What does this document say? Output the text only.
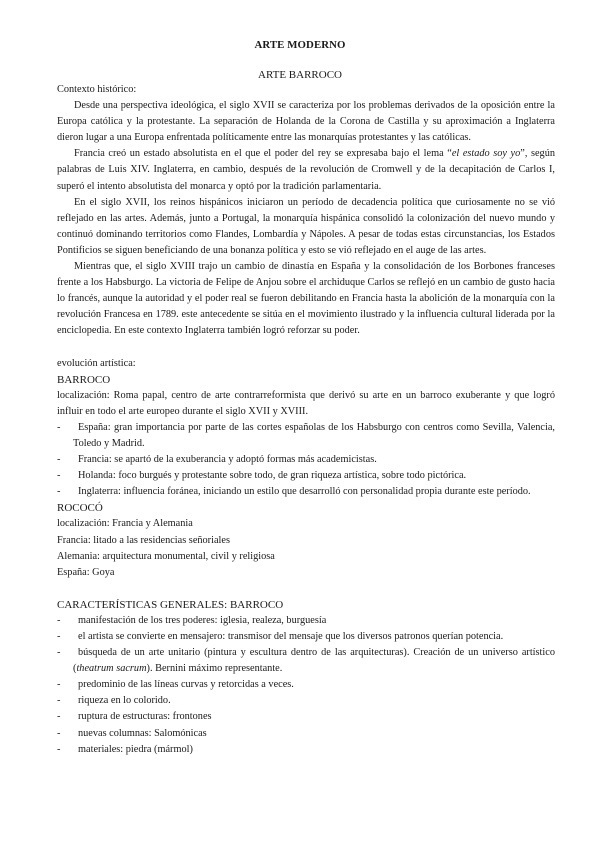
ARTE MODERNO
ARTE BARROCO

Contexto histórico:

Desde una perspectiva ideológica, el siglo XVII se caracteriza por los problemas derivados de la oposición entre la Europa católica y la protestante. La separación de Holanda de la Corona de Castilla y su aproximación a Inglaterra dieron lugar a una Europa enfrentada políticamente entre las monarquías protestantes y las católicas.

Francia creó un estado absolutista en el que el poder del rey se expresaba bajo el lema “el estado soy yo”, según palabras de Luis XIV. Inglaterra, en cambio, después de la revolución de Cromwell y de la decapitación de Carlos I, superó el intento absolutista del monarca y optó por la tradición parlamentaria.

En el siglo XVII, los reinos hispánicos iniciaron un período de decadencia política que curiosamente no se vió reflejado en las artes. Además, junto a Portugal, la monarquía hispánica consolidó la colonización del nuevo mundo y continuó dominando territorios como Flandes, Lombardía y Nápoles. A pesar de todas estas circunstancias, los Estados Pontificios se siguen beneficiando de una bonanza política y esto se vió reflejado en el auge de las artes.

Mientras que, el siglo XVIII trajo un cambio de dinastía en España y la consolidación de los Borbones franceses frente a los Habsburgo. La victoria de Felipe de Anjou sobre el archiduque Carlos se reflejó en un cambio de gusto hacia lo francés, aunque la autoridad y el poder real se fueron debilitando en Francia hasta la abolición de la monarquía con la revolución Francesa en 1789. este antecedente se sitúa en el movimiento ilustrado y la influencia cultural liderada por la enciclopedia. En este contexto Inglaterra también logró reforzar su poder.

evolución artística:

BARROCO

localización: Roma papal, centro de arte contrarreformista que derivó su arte en un barroco exuberante y que logró influir en todo el arte europeo durante el siglo XVII y XVIII.

- España: gran importancia por parte de las cortes españolas de los Habsburgo con centros como Sevilla, Valencia, Toledo y Madrid.

- Francia: se apartó de la exuberancia y adoptó formas más academicistas.

- Holanda: foco burgués y protestante sobre todo, de gran riqueza artística, sobre todo pictórica.

- Inglaterra: influencia foránea, iniciando un estilo que desarrolló con personalidad propia durante este período.

ROCOCÓ

localización: Francia y Alemania

Francia: litado a las residencias señoriales

Alemania: arquitectura monumental, civil y religiosa

España: Goya

CARACTERÍSTICAS GENERALES: BARROCO

- manifestación de los tres poderes: iglesia, realeza, burguesía

- el artista se convierte en mensajero: transmisor del mensaje que los diversos patronos querían potencia.

- búsqueda de un arte unitario (pintura y escultura dentro de las arquitecturas). Creación de un universo artístico (theatrum sacrum). Bernini máximo representante.

- predominio de las líneas curvas y retorcidas a veces.

- riqueza en lo colorido.

- ruptura de estructuras: frontones

- nuevas columnas: Salomónicas

- materiales: piedra (mármol)
